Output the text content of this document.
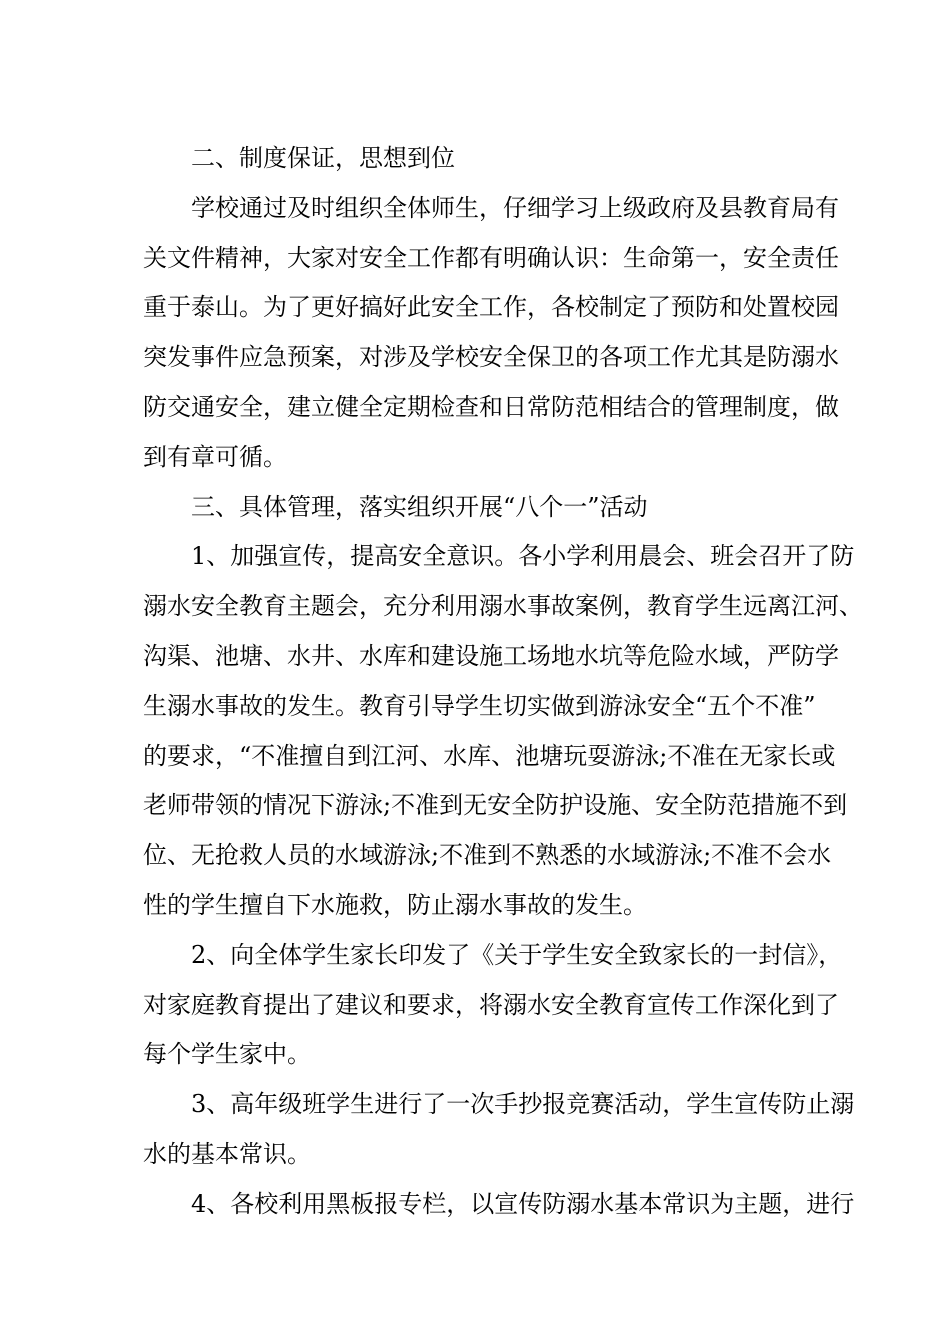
二、制度保证，思想到位
学校通过及时组织全体师生，仔细学习上级政府及县教育局有
关文件精神，大家对安全工作都有明确认识：生命第一，安全责任
重于泰山。为了更好搞好此安全工作，各校制定了预防和处置校园
突发事件应急预案，对涉及学校安全保卫的各项工作尤其是防溺水
防交通安全，建立健全定期检查和日常防范相结合的管理制度，做
到有章可循。
三、具体管理，落实组织开展“八个一”活动
1、加强宣传，提高安全意识。各小学利用晨会、班会召开了防
溺水安全教育主题会，充分利用溺水事故案例，教育学生远离江河、
沟渠、池塘、水井、水库和建设施工场地水坑等危险水域，严防学
生溺水事故的发生。教育引导学生切实做到游泳安全“五个不准”
的要求，“不准擅自到江河、水库、池塘玩耍游泳;不准在无家长或
老师带领的情况下游泳;不准到无安全防护设施、安全防范措施不到
位、无抢救人员的水域游泳;不准到不熟悉的水域游泳;不准不会水
性的学生擅自下水施救，防止溺水事故的发生。
2、向全体学生家长印发了《关于学生安全致家长的一封信》，
对家庭教育提出了建议和要求，将溺水安全教育宣传工作深化到了
每个学生家中。
3、高年级班学生进行了一次手抄报竞赛活动，学生宣传防止溺
水的基本常识。
4、各校利用黑板报专栏，以宣传防溺水基本常识为主题，进行
